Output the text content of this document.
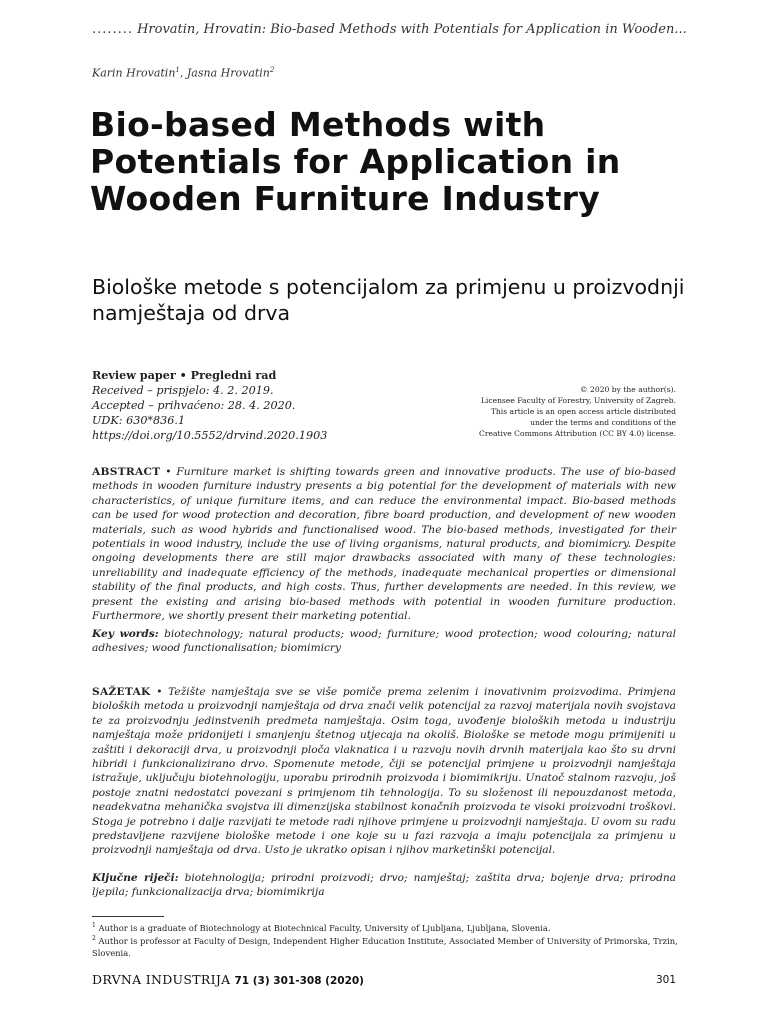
........ Hrovatin, Hrovatin: Bio-based Methods with Potentials for Application in Wooden...
Karin Hrovatin$^1$, Jasna Hrovatin$^2$
Bio-based Methods with Potentials for Application in Wooden Furniture Industry
Biološke metode s potencijalom za primjenu u proizvodnji namještaja od drva
Review paper • Pregledni rad
Received – prispjelo: 4. 2. 2019.
Accepted – prihvaćeno: 28. 4. 2020.
UDK: 630*836.1
https://doi.org/10.5552/drvind.2020.1903
© 2020 by the author(s).
Licensee Faculty of Forestry, University of Zagreb.
This article is an open access article distributed
under the terms and conditions of the
Creative Commons Attribution (CC BY 4.0) license.
ABSTRACT • Furniture market is shifting towards green and innovative products. The use of bio-based methods in wooden furniture industry presents a big potential for the development of materials with new characteristics, of unique furniture items, and can reduce the environmental impact. Bio-based methods can be used for wood protection and decoration, fibre board production, and development of new wooden materials, such as wood hybrids and functionalised wood. The bio-based methods, investigated for their potentials in wood industry, include the use of living organisms, natural products, and biomimicry. Despite ongoing developments there are still major drawbacks associated with many of these technologies: unreliability and inadequate efficiency of the methods, inadequate mechanical properties or dimensional stability of the final products, and high costs. Thus, further developments are needed. In this review, we present the existing and arising bio-based methods with potential in wooden furniture production. Furthermore, we shortly present their marketing potential.
Key words: biotechnology; natural products; wood; furniture; wood protection; wood colouring; natural adhesives; wood functionalisation; biomimicry
SAŽETAK • Težište namještaja sve se više pomiče prema zelenim i inovativnim proizvodima. Primjena bioloških metoda u proizvodnji namještaja od drva znači velik potencijal za razvoj materijala novih svojstava te za proizvodnju jedinstvenih predmeta namještaja. Osim toga, uvođenje bioloških metoda u industriju namještaja može pridonijeti i smanjenju štetnog utjecaja na okoliš. Biološke se metode mogu primijeniti u zaštiti i dekoraciji drva, u proizvodnji ploča vlaknatica i u razvoju novih drvnih materijala kao što su drvni hibridi i funkcionalizirano drvo. Spomenute metode, čiji se potencijal primjene u proizvodnji namještaja istražuje, uključuju biotehnologiju, uporabu prirodnih proizvoda i biomimikriju. Unatoč stalnom razvoju, još postoje znatni nedostatci povezani s primjenom tih tehnologija. To su složenost ili nepouzdanost metoda, neadekvatna mehanička svojstva ili dimenzijska stabilnost konačnih proizvoda te visoki proizvodni troškovi. Stoga je potrebno i dalje razvijati te metode radi njihove primjene u proizvodnji namještaja. U ovom su radu predstavljene razvijene biološke metode i one koje su u fazi razvoja a imaju potencijala za primjenu u proizvodnji namještaja od drva. Usto je ukratko opisan i njihov marketinški potencijal.
Ključne riječi: biotehnologija; prirodni proizvodi; drvo; namještaj; zaštita drva; bojenje drva; prirodna ljepila; funkcionalizacija drva; biomimikrija
$^1$ Author is a graduate of Biotechnology at Biotechnical Faculty, University of Ljubljana, Ljubljana, Slovenia.
$^2$ Author is professor at Faculty of Design, Independent Higher Education Institute, Associated Member of University of Primorska, Trzin, Slovenia.
DRVNA INDUSTRIJA 71 (3) 301-308 (2020)	301
